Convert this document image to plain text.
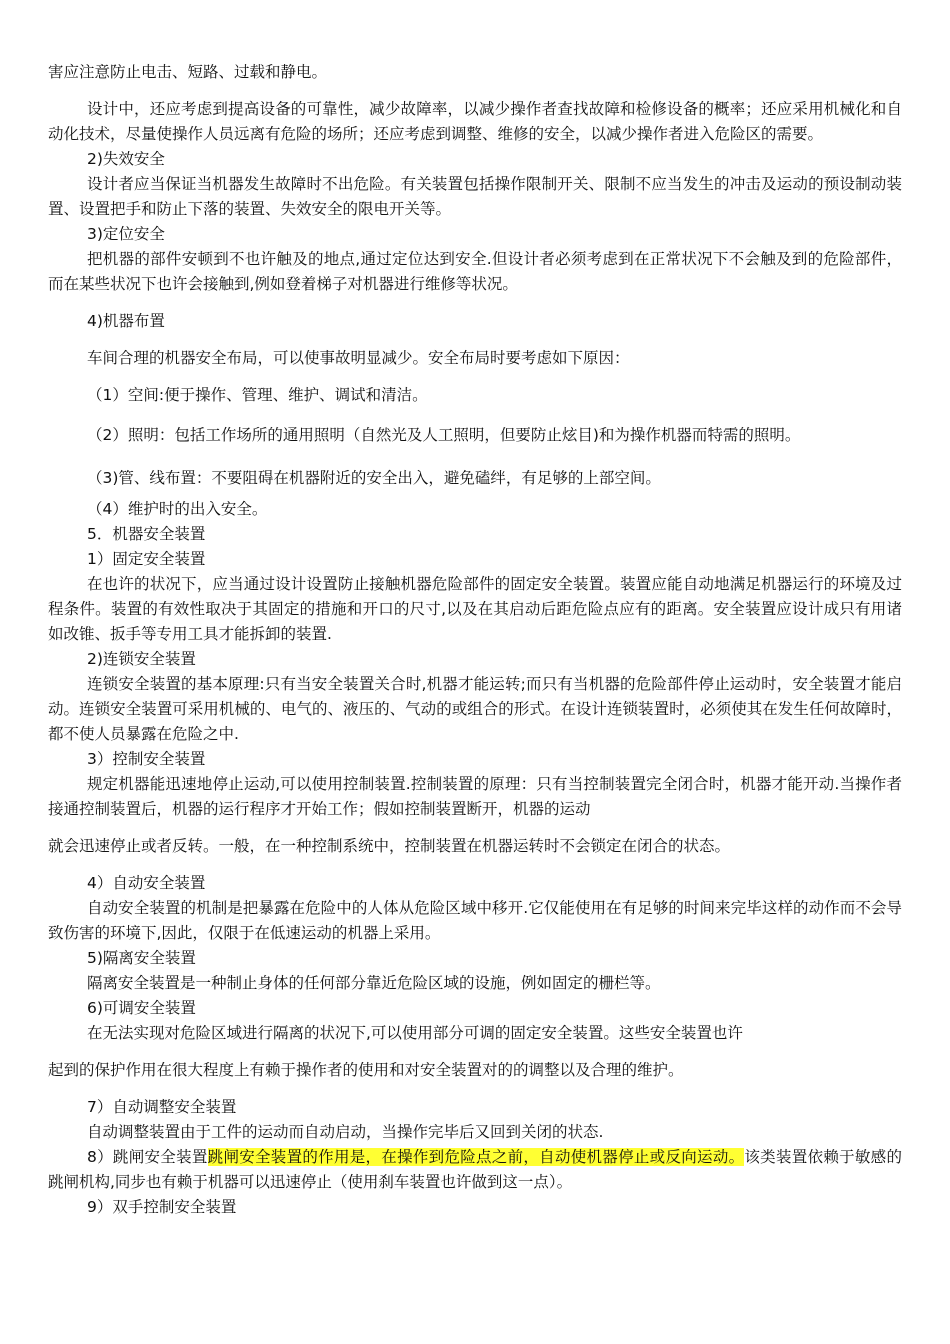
害应注意防止电击、短路、过载和静电。

设计中，还应考虑到提高设备的可靠性，减少故障率，以减少操作者查找故障和检修设备的概率；还应采用机械化和自动化技术，尽量使操作人员远离有危险的场所；还应考虑到调整、维修的安全，以减少操作者进入危险区的需要。

2)失效安全

设计者应当保证当机器发生故障时不出危险。有关装置包括操作限制开关、限制不应当发生的冲击及运动的预设制动装置、设置把手和防止下落的装置、失效安全的限电开关等。

3)定位安全

把机器的部件安顿到不也许触及的地点,通过定位达到安全.但设计者必须考虑到在正常状况下不会触及到的危险部件，而在某些状况下也许会接触到,例如登着梯子对机器进行维修等状况。

4)机器布置

车间合理的机器安全布局，可以使事故明显减少。安全布局时要考虑如下原因：

（1）空间:便于操作、管理、维护、调试和清洁。

（2）照明：包括工作场所的通用照明（自然光及人工照明，但要防止炫目)和为操作机器而特需的照明。

（3)管、线布置：不要阻碍在机器附近的安全出入，避免磕绊，有足够的上部空间。

（4）维护时的出入安全。

5．机器安全装置

1）固定安全装置

在也许的状况下，应当通过设计设置防止接触机器危险部件的固定安全装置。装置应能自动地满足机器运行的环境及过程条件。装置的有效性取决于其固定的措施和开口的尺寸,以及在其启动后距危险点应有的距离。安全装置应设计成只有用诸如改锥、扳手等专用工具才能拆卸的装置.

2)连锁安全装置

连锁安全装置的基本原理:只有当安全装置关合时,机器才能运转;而只有当机器的危险部件停止运动时，安全装置才能启动。连锁安全装置可采用机械的、电气的、液压的、气动的或组合的形式。在设计连锁装置时，必须使其在发生任何故障时，都不使人员暴露在危险之中.

3）控制安全装置

规定机器能迅速地停止运动,可以使用控制装置.控制装置的原理：只有当控制装置完全闭合时，机器才能开动.当操作者接通控制装置后，机器的运行程序才开始工作；假如控制装置断开，机器的运动

就会迅速停止或者反转。一般，在一种控制系统中，控制装置在机器运转时不会锁定在闭合的状态。

4）自动安全装置

自动安全装置的机制是把暴露在危险中的人体从危险区域中移开.它仅能使用在有足够的时间来完毕这样的动作而不会导致伤害的环境下,因此，仅限于在低速运动的机器上采用。

5)隔离安全装置

隔离安全装置是一种制止身体的任何部分靠近危险区域的设施，例如固定的栅栏等。

6)可调安全装置

在无法实现对危险区域进行隔离的状况下,可以使用部分可调的固定安全装置。这些安全装置也许

起到的保护作用在很大程度上有赖于操作者的使用和对安全装置对的的调整以及合理的维护。

7）自动调整安全装置

自动调整装置由于工件的运动而自动启动，当操作完毕后又回到关闭的状态.

8）跳闸安全装置跳闸安全装置的作用是，在操作到危险点之前，自动使机器停止或反向运动。该类装置依赖于敏感的跳闸机构,同步也有赖于机器可以迅速停止（使用刹车装置也许做到这一点）。

9）双手控制安全装置
